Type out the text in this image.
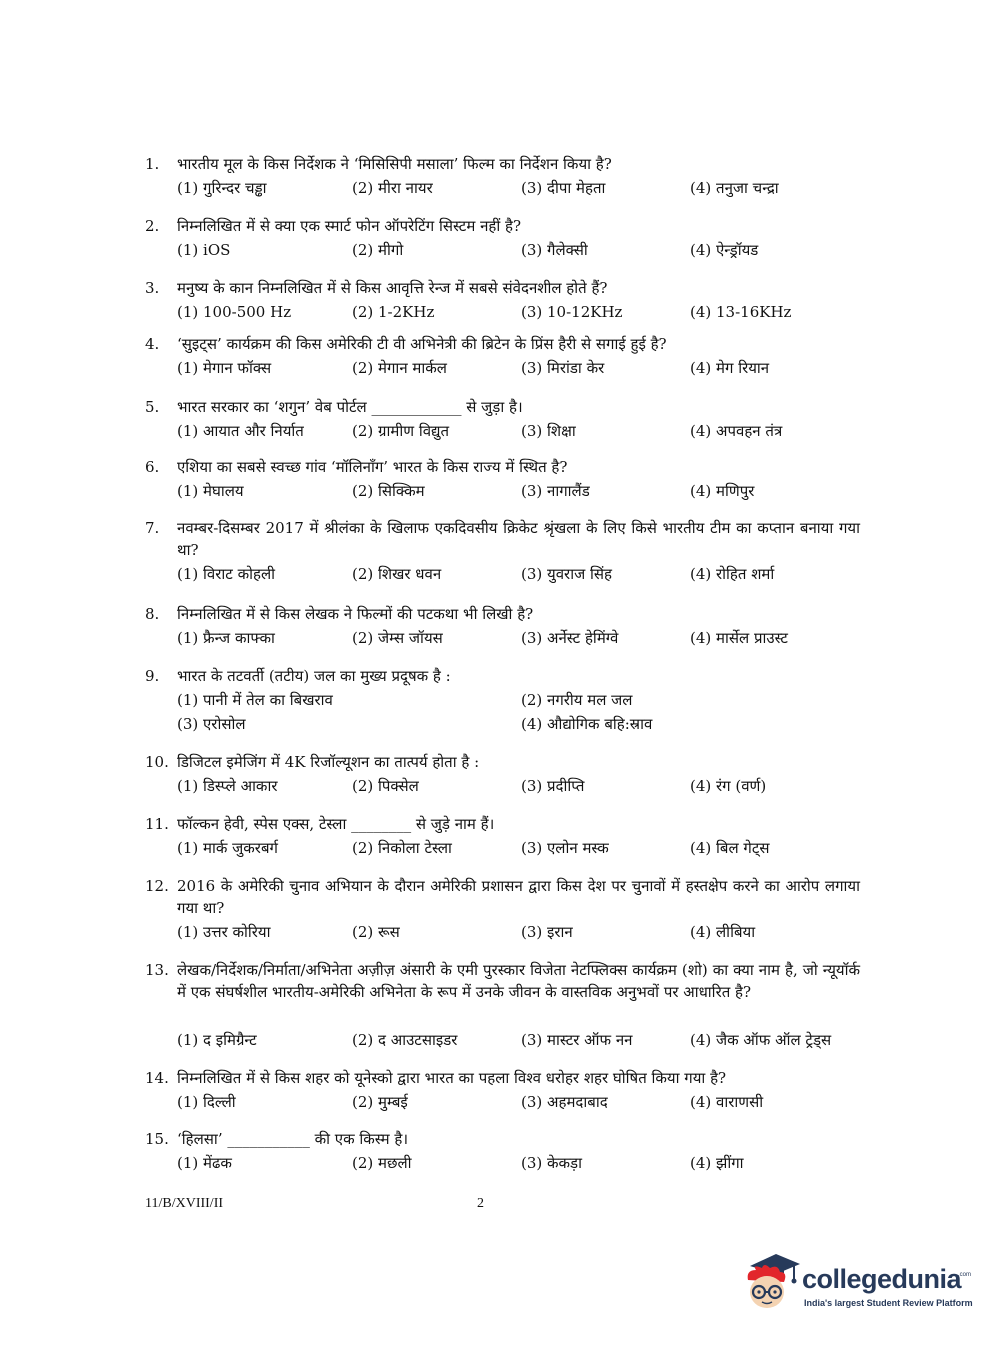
1. भारतीय मूल के किस निर्देशक ने ‘मिसिसिपी मसाला’ फिल्म का निर्देशन किया है?
(1) गुरिन्दर चड्ढा	(2) मीरा नायर	(3) दीपा मेहता	(4) तनुजा चन्द्रा
2. निम्नलिखित में से क्या एक स्मार्ट फोन ऑपरेटिंग सिस्टम नहीं है?
(1) iOS	(2) मीगो	(3) गैलेक्सी	(4) ऐन्ड्रॉयड
3. मनुष्य के कान निम्नलिखित में से किस आवृत्ति रेन्ज में सबसे संवेदनशील होते हैं?
(1) 100-500 Hz	(2) 1-2KHz	(3) 10-12KHz	(4) 13-16KHz
4. ‘सुइट्स’ कार्यक्रम की किस अमेरिकी टी वी अभिनेत्री की ब्रिटेन के प्रिंस हैरी से सगाई हुई है?
(1) मेगान फॉक्स	(2) मेगान मार्कल	(3) मिरांडा केर	(4) मेग रियान
5. भारत सरकार का ‘शगुन’ वेब पोर्टल ____________ से जुड़ा है।
(1) आयात और निर्यात	(2) ग्रामीण विद्युत	(3) शिक्षा	(4) अपवहन तंत्र
6. एशिया का सबसे स्वच्छ गांव ‘मॉलिनॉंग’ भारत के किस राज्य में स्थित है?
(1) मेघालय	(2) सिक्किम	(3) नागालैंड	(4) मणिपुर
7. नवम्बर-दिसम्बर 2017 में श्रीलंका के खिलाफ एकदिवसीय क्रिकेट श्रृंखला के लिए किसे भारतीय टीम का कप्तान बनाया गया था?
(1) विराट कोहली	(2) शिखर धवन	(3) युवराज सिंह	(4) रोहित शर्मा
8. निम्नलिखित में से किस लेखक ने फिल्मों की पटकथा भी लिखी है?
(1) फ्रैन्ज काफ्का	(2) जेम्स जॉयस	(3) अर्नेस्ट हेमिंग्वे	(4) मार्सेल प्राउस्ट
9. भारत के तटवर्ती (तटीय) जल का मुख्य प्रदूषक है :
(1) पानी में तेल का बिखराव	(2) नगरीय मल जल
(3) एरोसोल	(4) औद्योगिक बहि:स्राव
10. डिजिटल इमेजिंग में 4K रिजॉल्यूशन का तात्पर्य होता है :
(1) डिस्प्ले आकार	(2) पिक्सेल	(3) प्रदीप्ति	(4) रंग (वर्ण)
11. फॉल्कन हेवी, स्पेस एक्स, टेस्ला ________ से जुड़े नाम हैं।
(1) मार्क जुकरबर्ग	(2) निकोला टेस्ला	(3) एलोन मस्क	(4) बिल गेट्स
12. 2016 के अमेरिकी चुनाव अभियान के दौरान अमेरिकी प्रशासन द्वारा किस देश पर चुनावों में हस्तक्षेप करने का आरोप लगाया गया था?
(1) उत्तर कोरिया	(2) रूस	(3) इरान	(4) लीबिया
13. लेखक/निर्देशक/निर्माता/अभिनेता अज़ीज़ अंसारी के एमी पुरस्कार विजेता नेटफ्लिक्स कार्यक्रम (शो) का क्या नाम है, जो न्यूयॉर्क में एक संघर्षशील भारतीय-अमेरिकी अभिनेता के रूप में उनके जीवन के वास्तविक अनुभवों पर आधारित है?
(1) द इमिग्रैन्ट	(2) द आउटसाइडर	(3) मास्टर ऑफ नन	(4) जैक ऑफ ऑल ट्रेड्स
14. निम्नलिखित में से किस शहर को यूनेस्को द्वारा भारत का पहला विश्व धरोहर शहर घोषित किया गया है?
(1) दिल्ली	(2) मुम्बई	(3) अहमदाबाद	(4) वाराणसी
15. ‘हिलसा’ ___________ की एक किस्म है।
(1) मेंढक	(2) मछली	(3) केकड़ा	(4) झींगा
11/B/XVIII/II	2
collegedunia
.com
India's largest Student Review Platform
